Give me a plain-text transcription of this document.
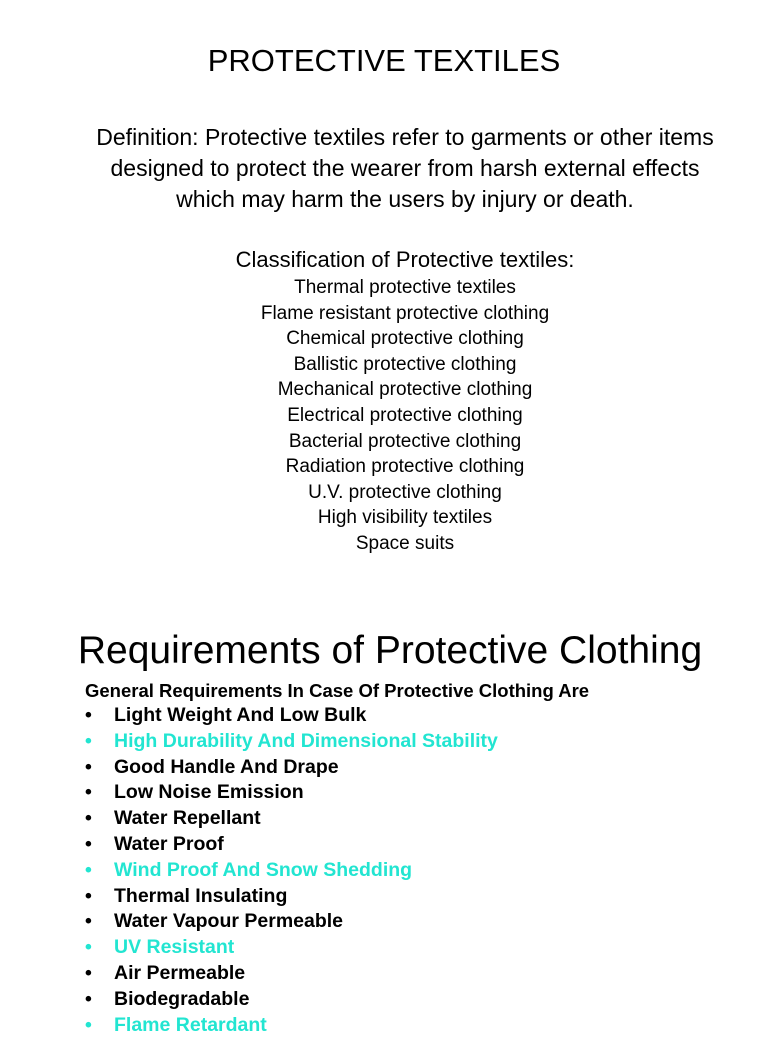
PROTECTIVE TEXTILES
Definition: Protective textiles refer to garments or other items
designed to protect the wearer from harsh external effects
which may harm the users by injury or death.
Classification of Protective textiles:
Thermal protective textiles
Flame resistant protective clothing
Chemical protective clothing
Ballistic protective clothing
Mechanical protective clothing
Electrical protective clothing
Bacterial protective clothing
Radiation protective clothing
U.V. protective clothing
High visibility textiles
Space suits
Requirements of Protective Clothing
General Requirements In Case Of Protective Clothing Are
• Light Weight And Low Bulk
• High Durability And Dimensional Stability
• Good Handle And Drape
• Low Noise Emission
• Water Repellant
• Water Proof
• Wind Proof And Snow Shedding
• Thermal Insulating
• Water Vapour Permeable
• UV Resistant
• Air Permeable
• Biodegradable
• Flame Retardant
